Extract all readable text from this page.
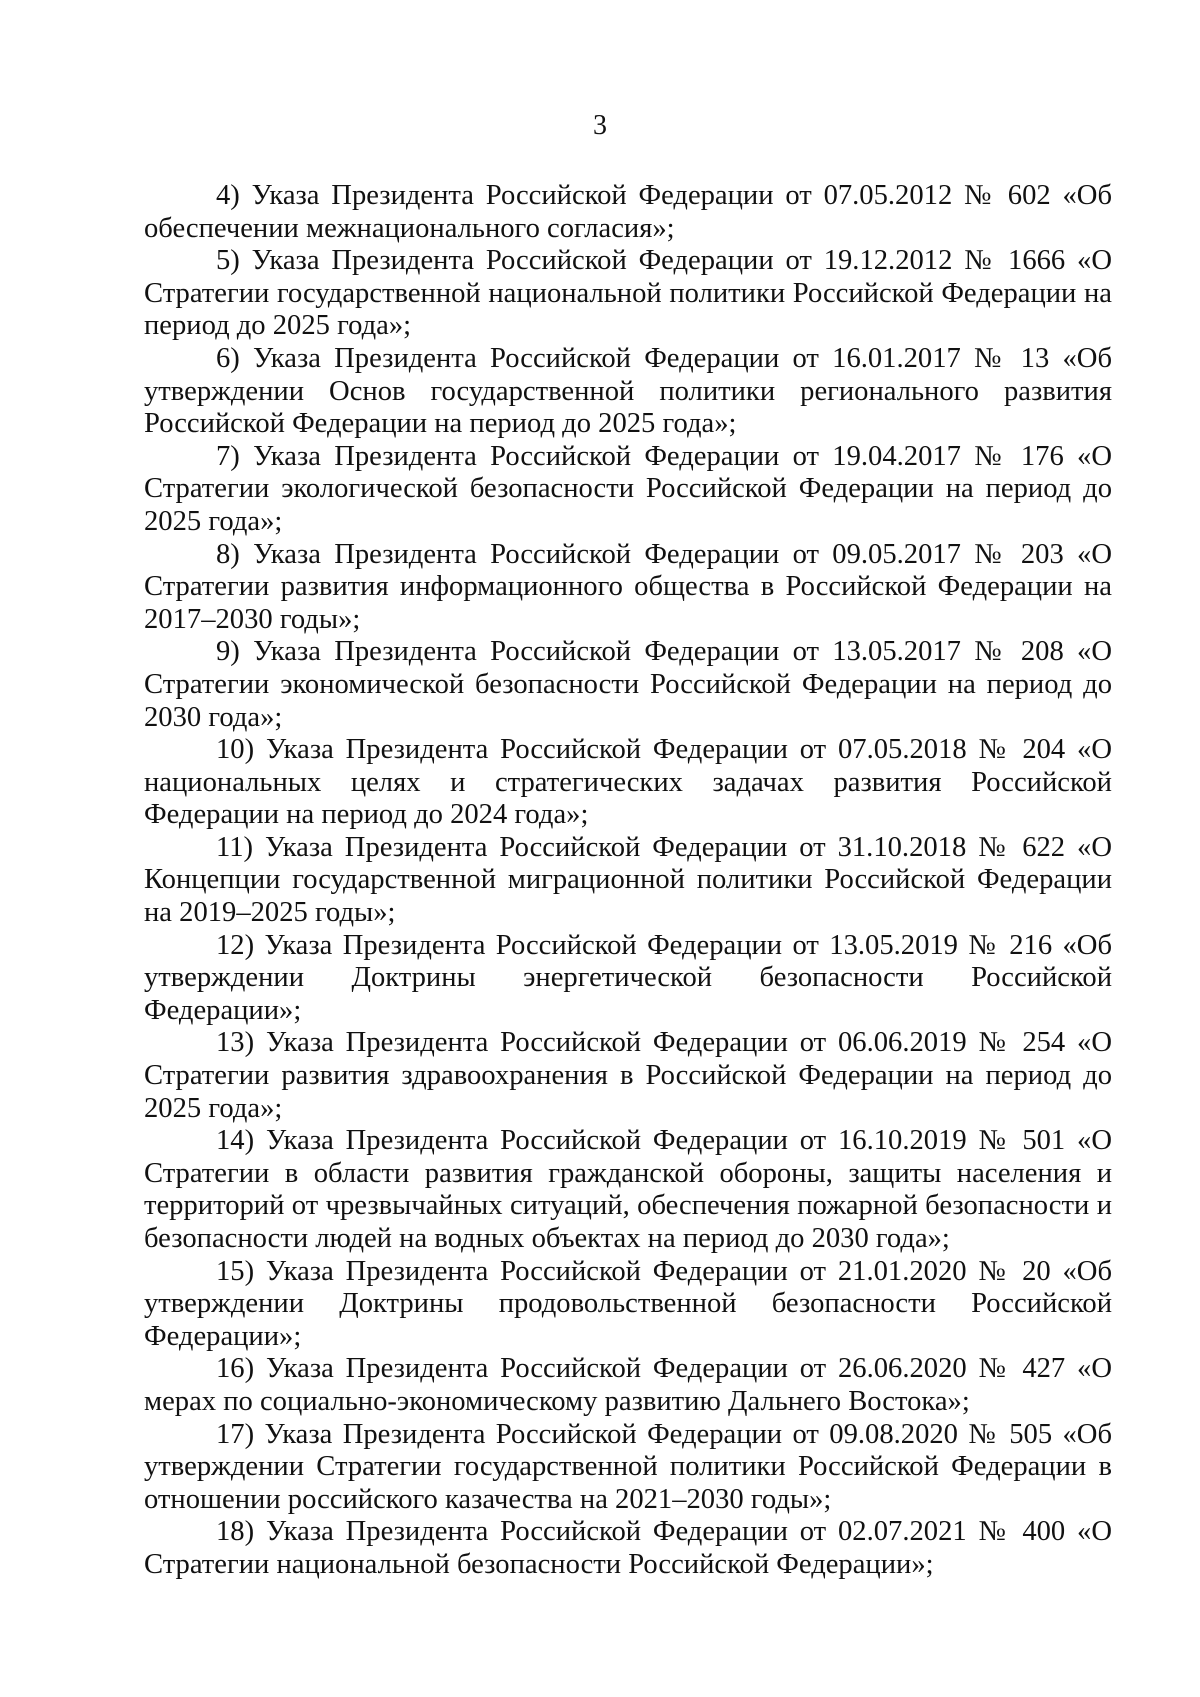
3

4) Указа Президента Российской Федерации от 07.05.2012 № 602 «Об обеспечении межнационального согласия»;

5) Указа Президента Российской Федерации от 19.12.2012 № 1666 «О Стратегии государственной национальной политики Российской Федерации на период до 2025 года»;

6) Указа Президента Российской Федерации от 16.01.2017 № 13 «Об утверждении Основ государственной политики регионального развития Российской Федерации на период до 2025 года»;

7) Указа Президента Российской Федерации от 19.04.2017 № 176 «О Стратегии экологической безопасности Российской Федерации на период до 2025 года»;

8) Указа Президента Российской Федерации от 09.05.2017 № 203 «О Стратегии развития информационного общества в Российской Федерации на 2017–2030 годы»;

9) Указа Президента Российской Федерации от 13.05.2017 № 208 «О Стратегии экономической безопасности Российской Федерации на период до 2030 года»;

10) Указа Президента Российской Федерации от 07.05.2018 № 204 «О национальных целях и стратегических задачах развития Российской Федерации на период до 2024 года»;

11) Указа Президента Российской Федерации от 31.10.2018 № 622 «О Концепции государственной миграционной политики Российской Федерации на 2019–2025 годы»;

12) Указа Президента Российской Федерации от 13.05.2019 № 216 «Об утверждении Доктрины энергетической безопасности Российской Федерации»;

13) Указа Президента Российской Федерации от 06.06.2019 № 254 «О Стратегии развития здравоохранения в Российской Федерации на период до 2025 года»;

14) Указа Президента Российской Федерации от 16.10.2019 № 501 «О Стратегии в области развития гражданской обороны, защиты населения и территорий от чрезвычайных ситуаций, обеспечения пожарной безопасности и безопасности людей на водных объектах на период до 2030 года»;

15) Указа Президента Российской Федерации от 21.01.2020 № 20 «Об утверждении Доктрины продовольственной безопасности Российской Федерации»;

16) Указа Президента Российской Федерации от 26.06.2020 № 427 «О мерах по социально-экономическому развитию Дальнего Востока»;

17) Указа Президента Российской Федерации от 09.08.2020 № 505 «Об утверждении Стратегии государственной политики Российской Федерации в отношении российского казачества на 2021–2030 годы»;

18) Указа Президента Российской Федерации от 02.07.2021 № 400 «О Стратегии национальной безопасности Российской Федерации»;
